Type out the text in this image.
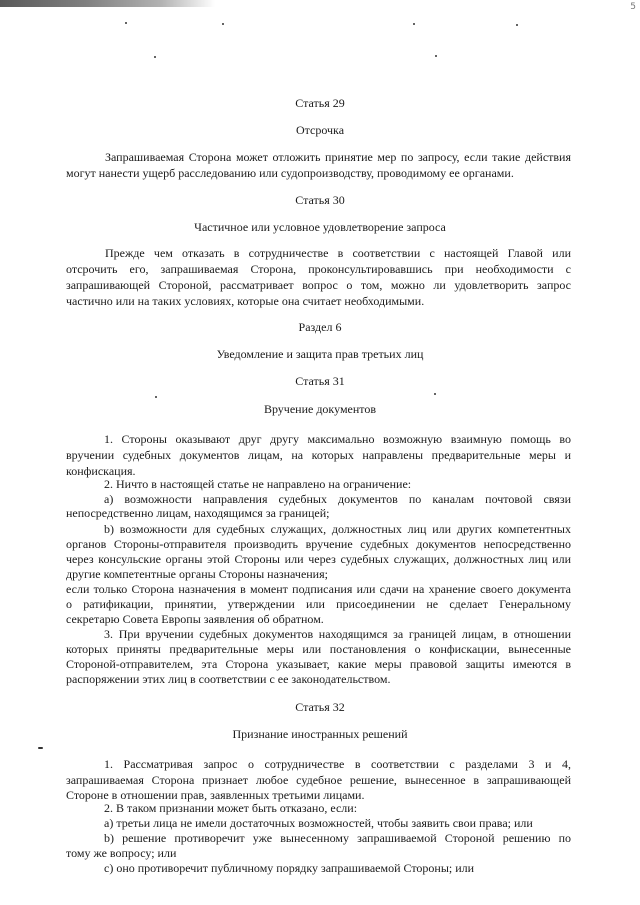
5
Статья 29
Отсрочка
Запрашиваемая Сторона может отложить принятие мер по запросу, если такие действия
могут нанести ущерб расследованию или судопроизводству, проводимому ее органами.
Статья 30
Частичное или условное удовлетворение запроса
Прежде чем отказать в сотрудничестве в соответствии с настоящей Главой или
отсрочить его, запрашиваемая Сторона, проконсультировавшись при необходимости с
запрашивающей Стороной, рассматривает вопрос о том, можно ли удовлетворить запрос
частично или на таких условиях, которые она считает необходимыми.
Раздел 6
Уведомление и защита прав третьих лиц
Статья 31
Вручение документов
1. Стороны оказывают друг другу максимально возможную взаимную помощь во
вручении судебных документов лицам, на которых направлены предварительные меры и
конфискация.
2. Ничто в настоящей статье не направлено на ограничение:
a) возможности направления судебных документов по каналам почтовой связи
непосредственно лицам, находящимся за границей;
b) возможности для судебных служащих, должностных лиц или других компетентных
органов Стороны-отправителя производить вручение судебных документов непосредственно
через консульские органы этой Стороны или через судебных служащих, должностных лиц или
другие компетентные органы Стороны назначения;
если только Сторона назначения в момент подписания или сдачи на хранение своего документа
о ратификации, принятии, утверждении или присоединении не сделает Генеральному
секретарю Совета Европы заявления об обратном.
3. При вручении судебных документов находящимся за границей лицам, в отношении
которых приняты предварительные меры или постановления о конфискации, вынесенные
Стороной-отправителем, эта Сторона указывает, какие меры правовой защиты имеются в
распоряжении этих лиц в соответствии с ее законодательством.
Статья 32
Признание иностранных решений
1. Рассматривая запрос о сотрудничестве в соответствии с разделами 3 и 4,
запрашиваемая Сторона признает любое судебное решение, вынесенное в запрашивающей
Стороне в отношении прав, заявленных третьими лицами.
2. В таком признании может быть отказано, если:
a) третьи лица не имели достаточных возможностей, чтобы заявить свои права; или
b) решение противоречит уже вынесенному запрашиваемой Стороной решению по
тому же вопросу; или
c) оно противоречит публичному порядку запрашиваемой Стороны; или
